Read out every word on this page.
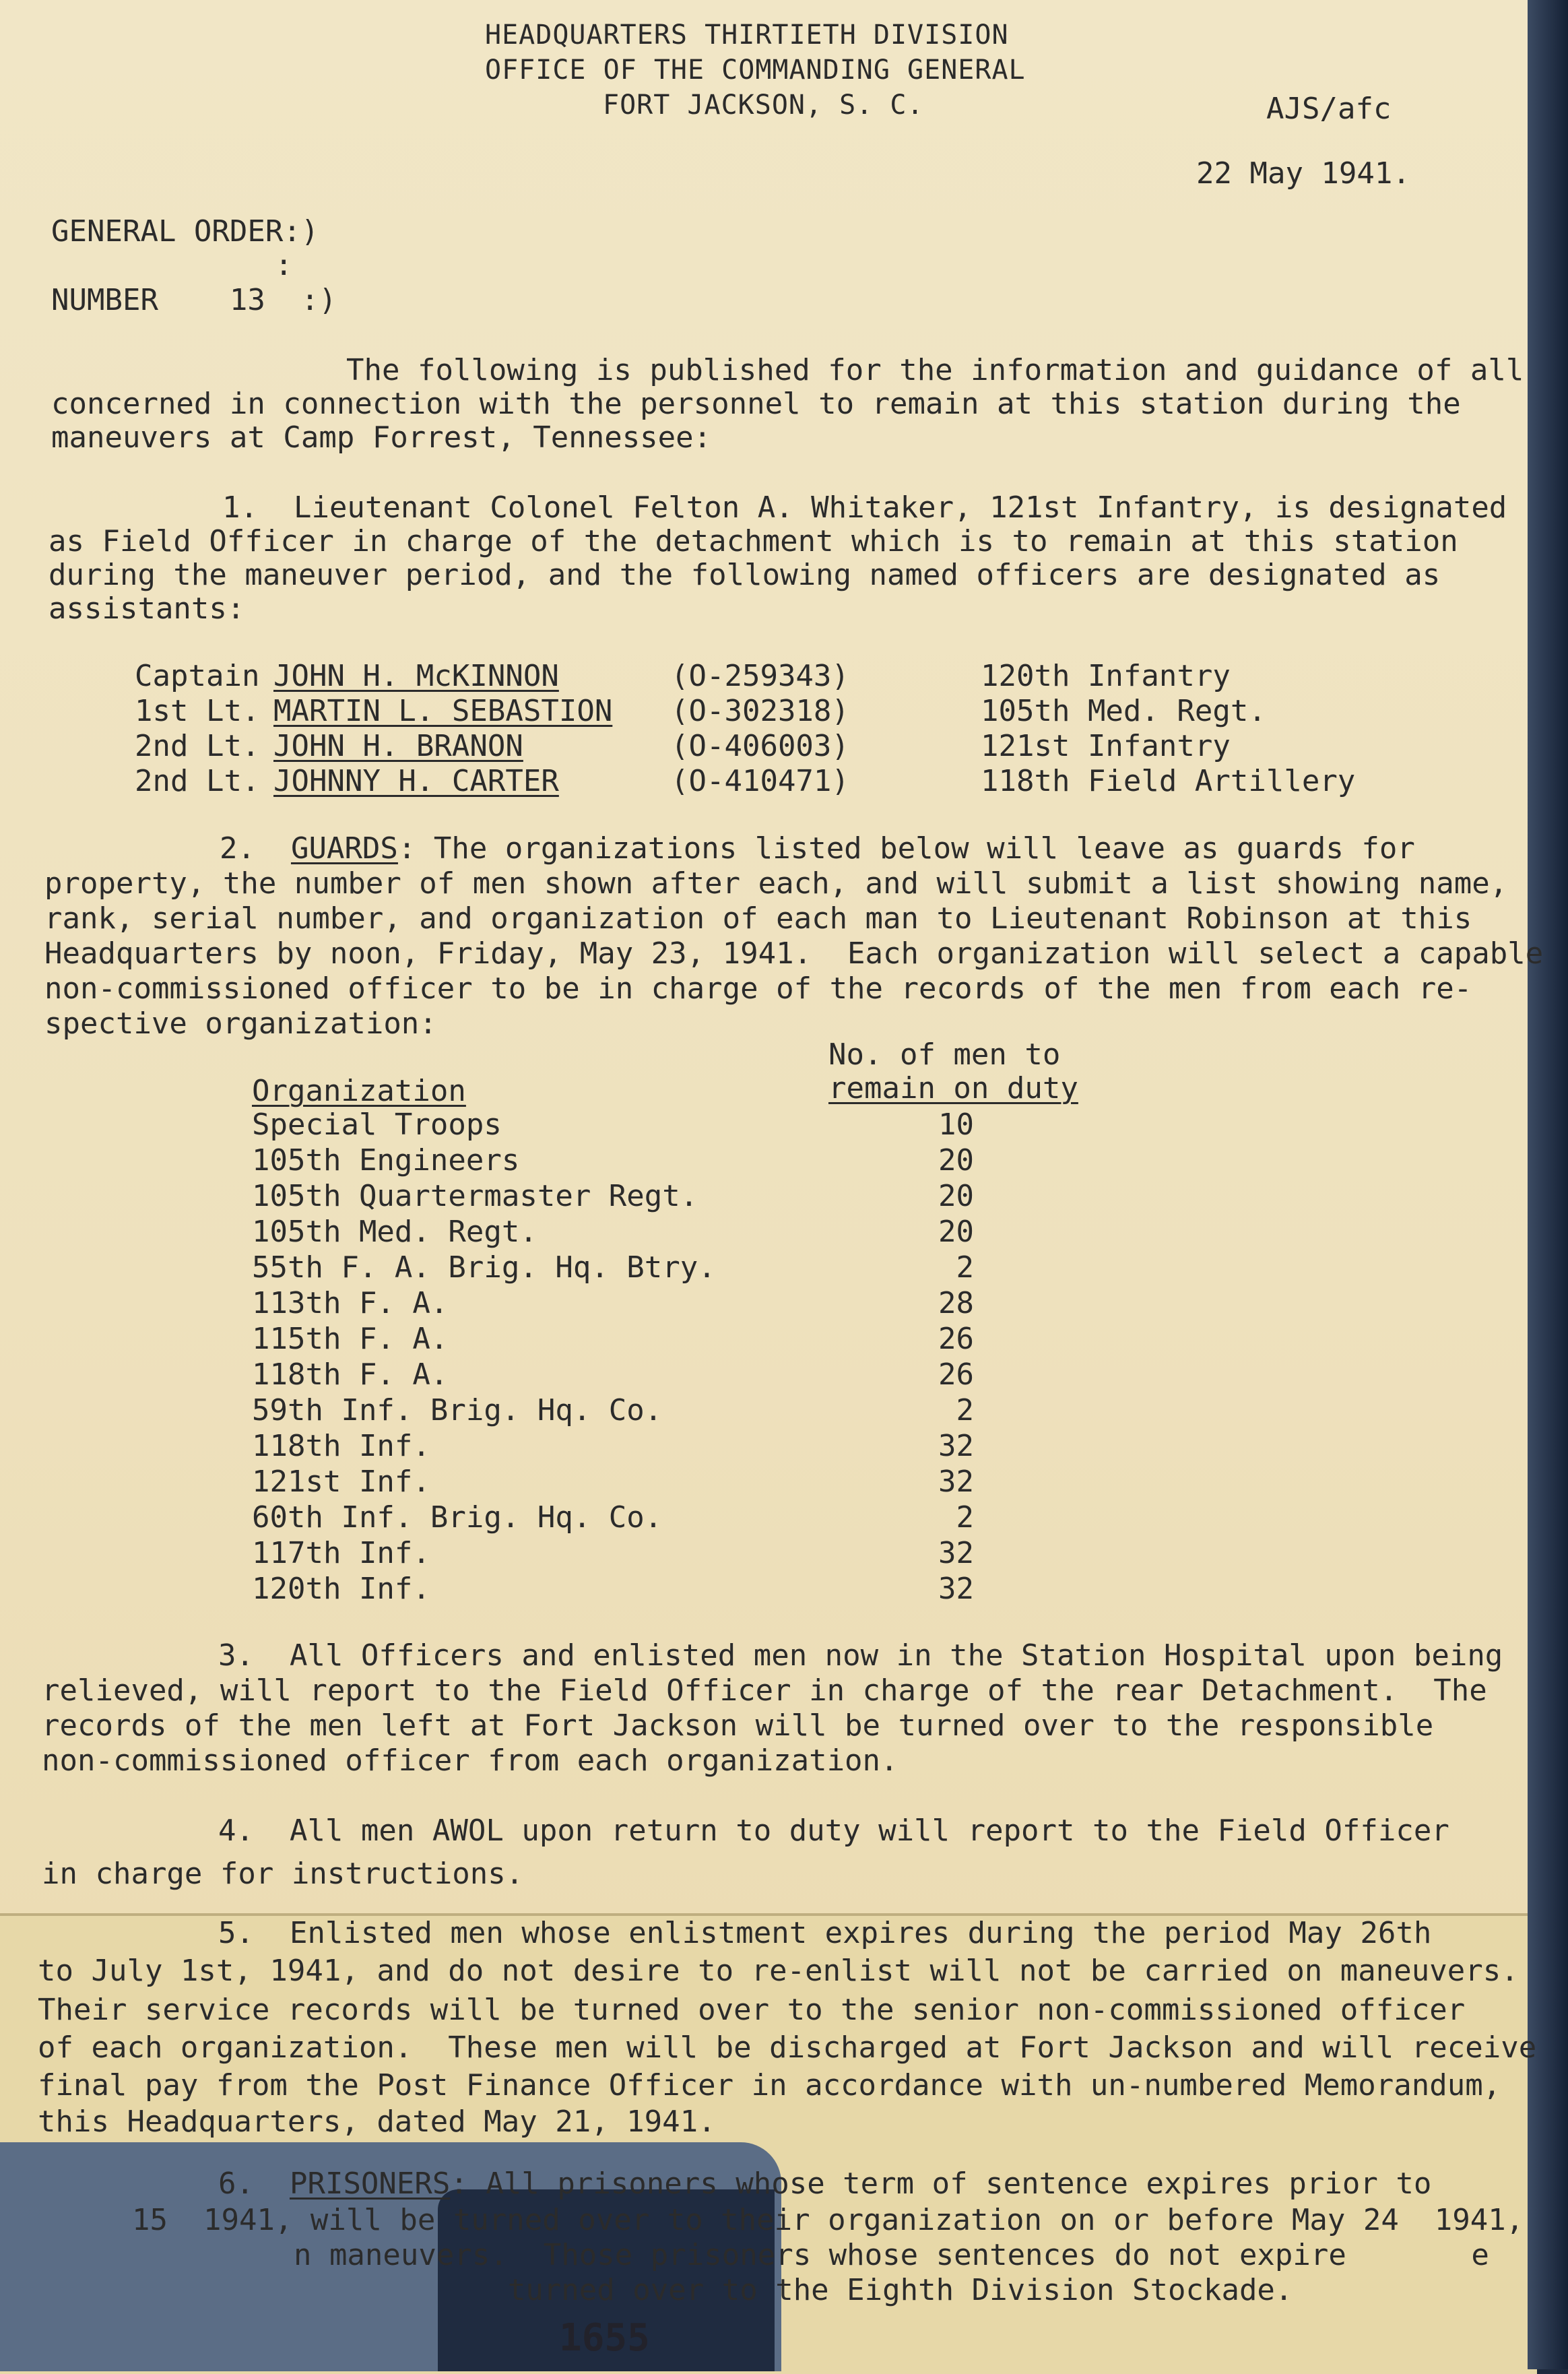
HEADQUARTERS THIRTIETH DIVISION
OFFICE OF THE COMMANDING GENERAL
FORT JACKSON, S. C.	AJS/afc
22 May 1941.
GENERAL ORDER:)
:
NUMBER    13  :)
The following is published for the information and guidance of all
concerned in connection with the personnel to remain at this station during the
maneuvers at Camp Forrest, Tennessee:
1.  Lieutenant Colonel Felton A. Whitaker, 121st Infantry, is designated
as Field Officer in charge of the detachment which is to remain at this station
during the maneuver period, and the following named officers are designated as
assistants:
Captain JOHN H. McKINNON	(O-259343)	120th Infantry
1st Lt. MARTIN L. SEBASTION (O-302318)	105th Med. Regt.
2nd Lt. JOHN H. BRANON	(O-406003)	121st Infantry
2nd Lt. JOHNNY H. CARTER	(O-410471)	118th Field Artillery
2.  GUARDS: The organizations listed below will leave as guards for
property, the number of men shown after each, and will submit a list showing name,
rank, serial number, and organization of each man to Lieutenant Robinson at this
Headquarters by noon, Friday, May 23, 1941.  Each organization will select a capable
non-commissioned officer to be in charge of the records of the men from each re-
spective organization:
No. of men to
Organization	remain on duty
Special Troops	10
105th Engineers	20
105th Quartermaster Regt.	20
105th Med. Regt.	20
55th F. A. Brig. Hq. Btry.	2
113th F. A.	28
115th F. A.	26
118th F. A.	26
59th Inf. Brig. Hq. Co.	2
118th Inf.	32
121st Inf.	32
60th Inf. Brig. Hq. Co.	2
117th Inf.	32
120th Inf.	32
3.  All Officers and enlisted men now in the Station Hospital upon being
relieved, will report to the Field Officer in charge of the rear Detachment.  The
records of the men left at Fort Jackson will be turned over to the responsible
non-commissioned officer from each organization.
4.  All men AWOL upon return to duty will report to the Field Officer
in charge for instructions.
5.  Enlisted men whose enlistment expires during the period May 26th
to July 1st, 1941, and do not desire to re-enlist will not be carried on maneuvers.
Their service records will be turned over to the senior non-commissioned officer
of each organization.  These men will be discharged at Fort Jackson and will receive
final pay from the Post Finance Officer in accordance with un-numbered Memorandum,
this Headquarters, dated May 21, 1941.
6.  PRISONERS: All prisoners whose term of sentence expires prior to
15  1941, will be turned over to their organization on or before May 24  1941,
n maneuvers.  Those prisoners whose sentences do not expire       e
turned over to the Eighth Division Stockade.
1655
